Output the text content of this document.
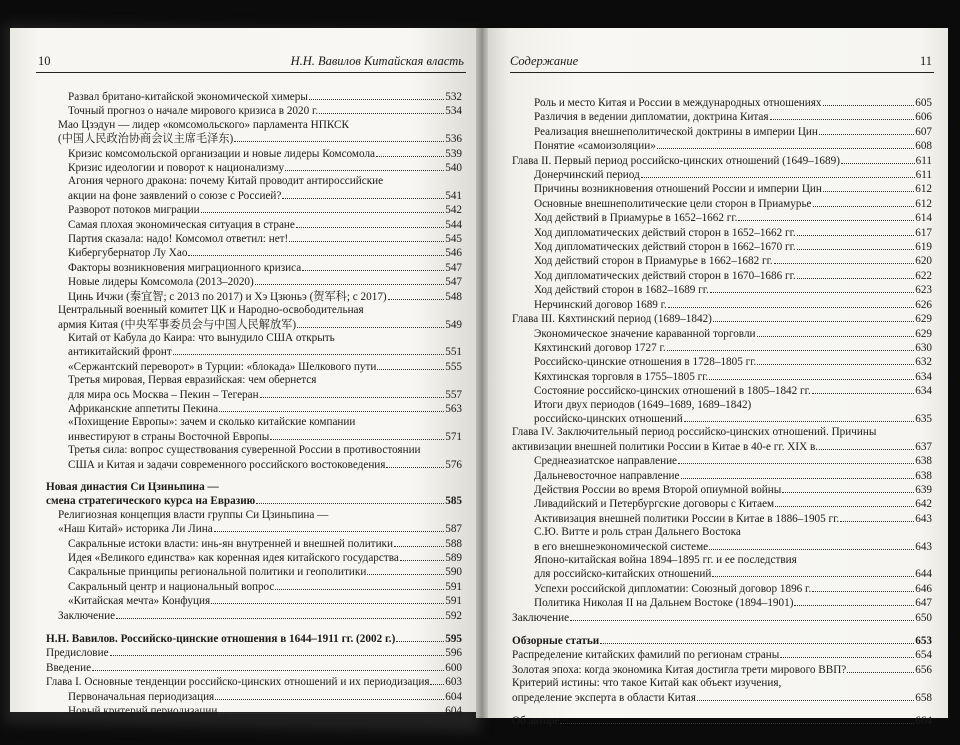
10	Н.Н. Вавилов Китайская власть
Развал британо-китайской экономической химеры	532
Точный прогноз о начале мирового кризиса в 2020 г.	534
Мао Цзэдун — лидер «комсомольского» парламента НПКСК
(中国人民政治协商会议主席毛泽东)	536
Кризис комсомольской организации и новые лидеры Комсомола	539
Кризис идеологии и поворот к национализму	540
Агония черного дракона: почему Китай проводит антироссийские
акции на фоне заявлений о союзе с Россией?	541
Разворот потоков миграции	542
Самая плохая экономическая ситуация в стране	544
Партия сказала: надо! Комсомол ответил: нет!	545
Кибергубернатор Лу Хао	546
Факторы возникновения миграционного кризиса	547
Новые лидеры Комсомола (2013–2020)	547
Цинь Ичжи (秦宜智; с 2013 по 2017) и Хэ Цзюньэ (贺军科; с 2017)	548
Центральный военный комитет ЦК и Народно-освободительная
армия Китая (中央军事委员会与中国人民解放军)	549
Китай от Кабула до Каира: что вынудило США открыть
антикитайский фронт	551
«Сержантский переворот» в Турции: «блокада» Шелкового пути	555
Третья мировая, Первая евразийская: чем обернется
для мира ось Москва – Пекин – Тегеран	557
Африканские аппетиты Пекина	563
«Похищение Европы»: зачем и сколько китайские компании
инвестируют в страны Восточной Европы	571
Третья сила: вопрос существования суверенной России в противостоянии
США и Китая и задачи современного российского востоковедения	576
Новая династия Си Цзиньпина —
смена стратегического курса на Евразию	585
Религиозная концепция власти группы Си Цзиньпина —
«Наш Китай» историка Ли Лина	587
Сакральные истоки власти: инь-ян внутренней и внешней политики	588
Идея «Великого единства» как коренная идея китайского государства	589
Сакральные принципы региональной политики и геополитики	590
Сакральный центр и национальный вопрос	591
«Китайская мечта» Конфуция	591
Заключение	592
Н.Н. Вавилов. Российско-цинские отношения в 1644–1911 гг. (2002 г.)	595
Предисловие	596
Введение	600
Глава I. Основные тенденции российско-цинских отношений и их периодизация 603
Первоначальная периодизация	604
Новый критерий периодизации	604
Содержание	11
Роль и место Китая и России в международных отношениях	605
Различия в ведении дипломатии, доктрина Китая	606
Реализация внешнеполитической доктрины в империи Цин	607
Понятие «самоизоляции»	608
Глава II. Первый период российско-цинских отношений (1649–1689)	611
Донерчинский период	611
Причины возникновения отношений России и империи Цин	612
Основные внешнеполитические цели сторон в Приамурье	612
Ход действий в Приамурье в 1652–1662 гг.	614
Ход дипломатических действий сторон в 1652–1662 гг.	617
Ход дипломатических действий сторон в 1662–1670 гг.	619
Ход действий сторон в Приамурье в 1662–1682 гг.	620
Ход дипломатических действий сторон в 1670–1686 гг.	622
Ход действий сторон в 1682–1689 гг.	623
Нерчинский договор 1689 г.	626
Глава III. Кяхтинский период (1689–1842)	629
Экономическое значение караванной торговли	629
Кяхтинский договор 1727 г.	630
Российско-цинские отношения в 1728–1805 гг.	632
Кяхтинская торговля в 1755–1805 гг.	634
Состояние российско-цинских отношений в 1805–1842 гг.	634
Итоги двух периодов (1649–1689, 1689–1842)
российско-цинских отношений	635
Глава IV. Заключительный период российско-цинских отношений. Причины
активизации внешней политики России в Китае в 40-е гг. XIX в.	637
Среднеазиатское направление	638
Дальневосточное направление	638
Действия России во время Второй опиумной войны	639
Ливадийский и Петербургские договоры с Китаем	642
Активизация внешней политики России в Китае в 1886–1905 гг.	643
С.Ю. Витте и роль стран Дальнего Востока
в его внешнеэкономической системе	643
Японо-китайская война 1894–1895 гг. и ее последствия
для российско-китайских отношений	644
Успехи российской дипломатии: Союзный договор 1896 г.	646
Политика Николая II на Дальнем Востоке (1894–1901)	647
Заключение	650
Обзорные статьи	653
Распределение китайских фамилий по регионам страны	654
Золотая эпоха: когда экономика Китая достигла трети мирового ВВП?	656
Критерий истины: что такое Китай как объект изучения,
определение эксперта в области Китая	658
Об авторе	664
